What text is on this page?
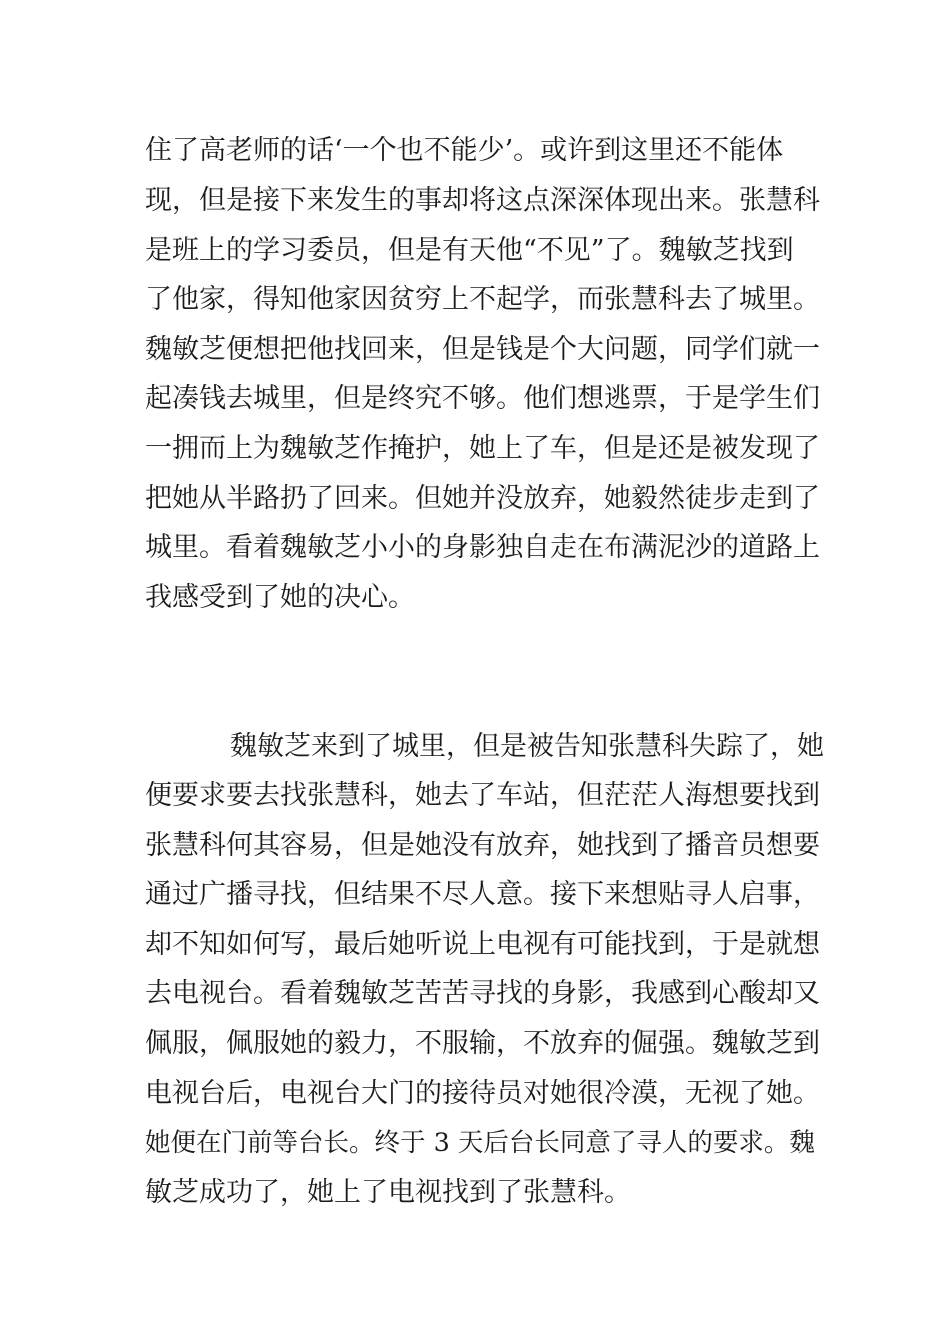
住了高老师的话‘一个也不能少’。或许到这里还不能体
现，但是接下来发生的事却将这点深深体现出来。张慧科
是班上的学习委员，但是有天他“不见”了。魏敏芝找到
了他家，得知他家因贫穷上不起学，而张慧科去了城里。
魏敏芝便想把他找回来，但是钱是个大问题，同学们就一
起凑钱去城里，但是终究不够。他们想逃票，于是学生们
一拥而上为魏敏芝作掩护，她上了车，但是还是被发现了
把她从半路扔了回来。但她并没放弃，她毅然徒步走到了
城里。看着魏敏芝小小的身影独自走在布满泥沙的道路上
我感受到了她的决心。
魏敏芝来到了城里，但是被告知张慧科失踪了，她
便要求要去找张慧科，她去了车站，但茫茫人海想要找到
张慧科何其容易，但是她没有放弃，她找到了播音员想要
通过广播寻找，但结果不尽人意。接下来想贴寻人启事，
却不知如何写，最后她听说上电视有可能找到，于是就想
去电视台。看着魏敏芝苦苦寻找的身影，我感到心酸却又
佩服，佩服她的毅力，不服输，不放弃的倔强。魏敏芝到
电视台后，电视台大门的接待员对她很冷漠，无视了她。
她便在门前等台长。终于 3 天后台长同意了寻人的要求。魏
敏芝成功了，她上了电视找到了张慧科。
